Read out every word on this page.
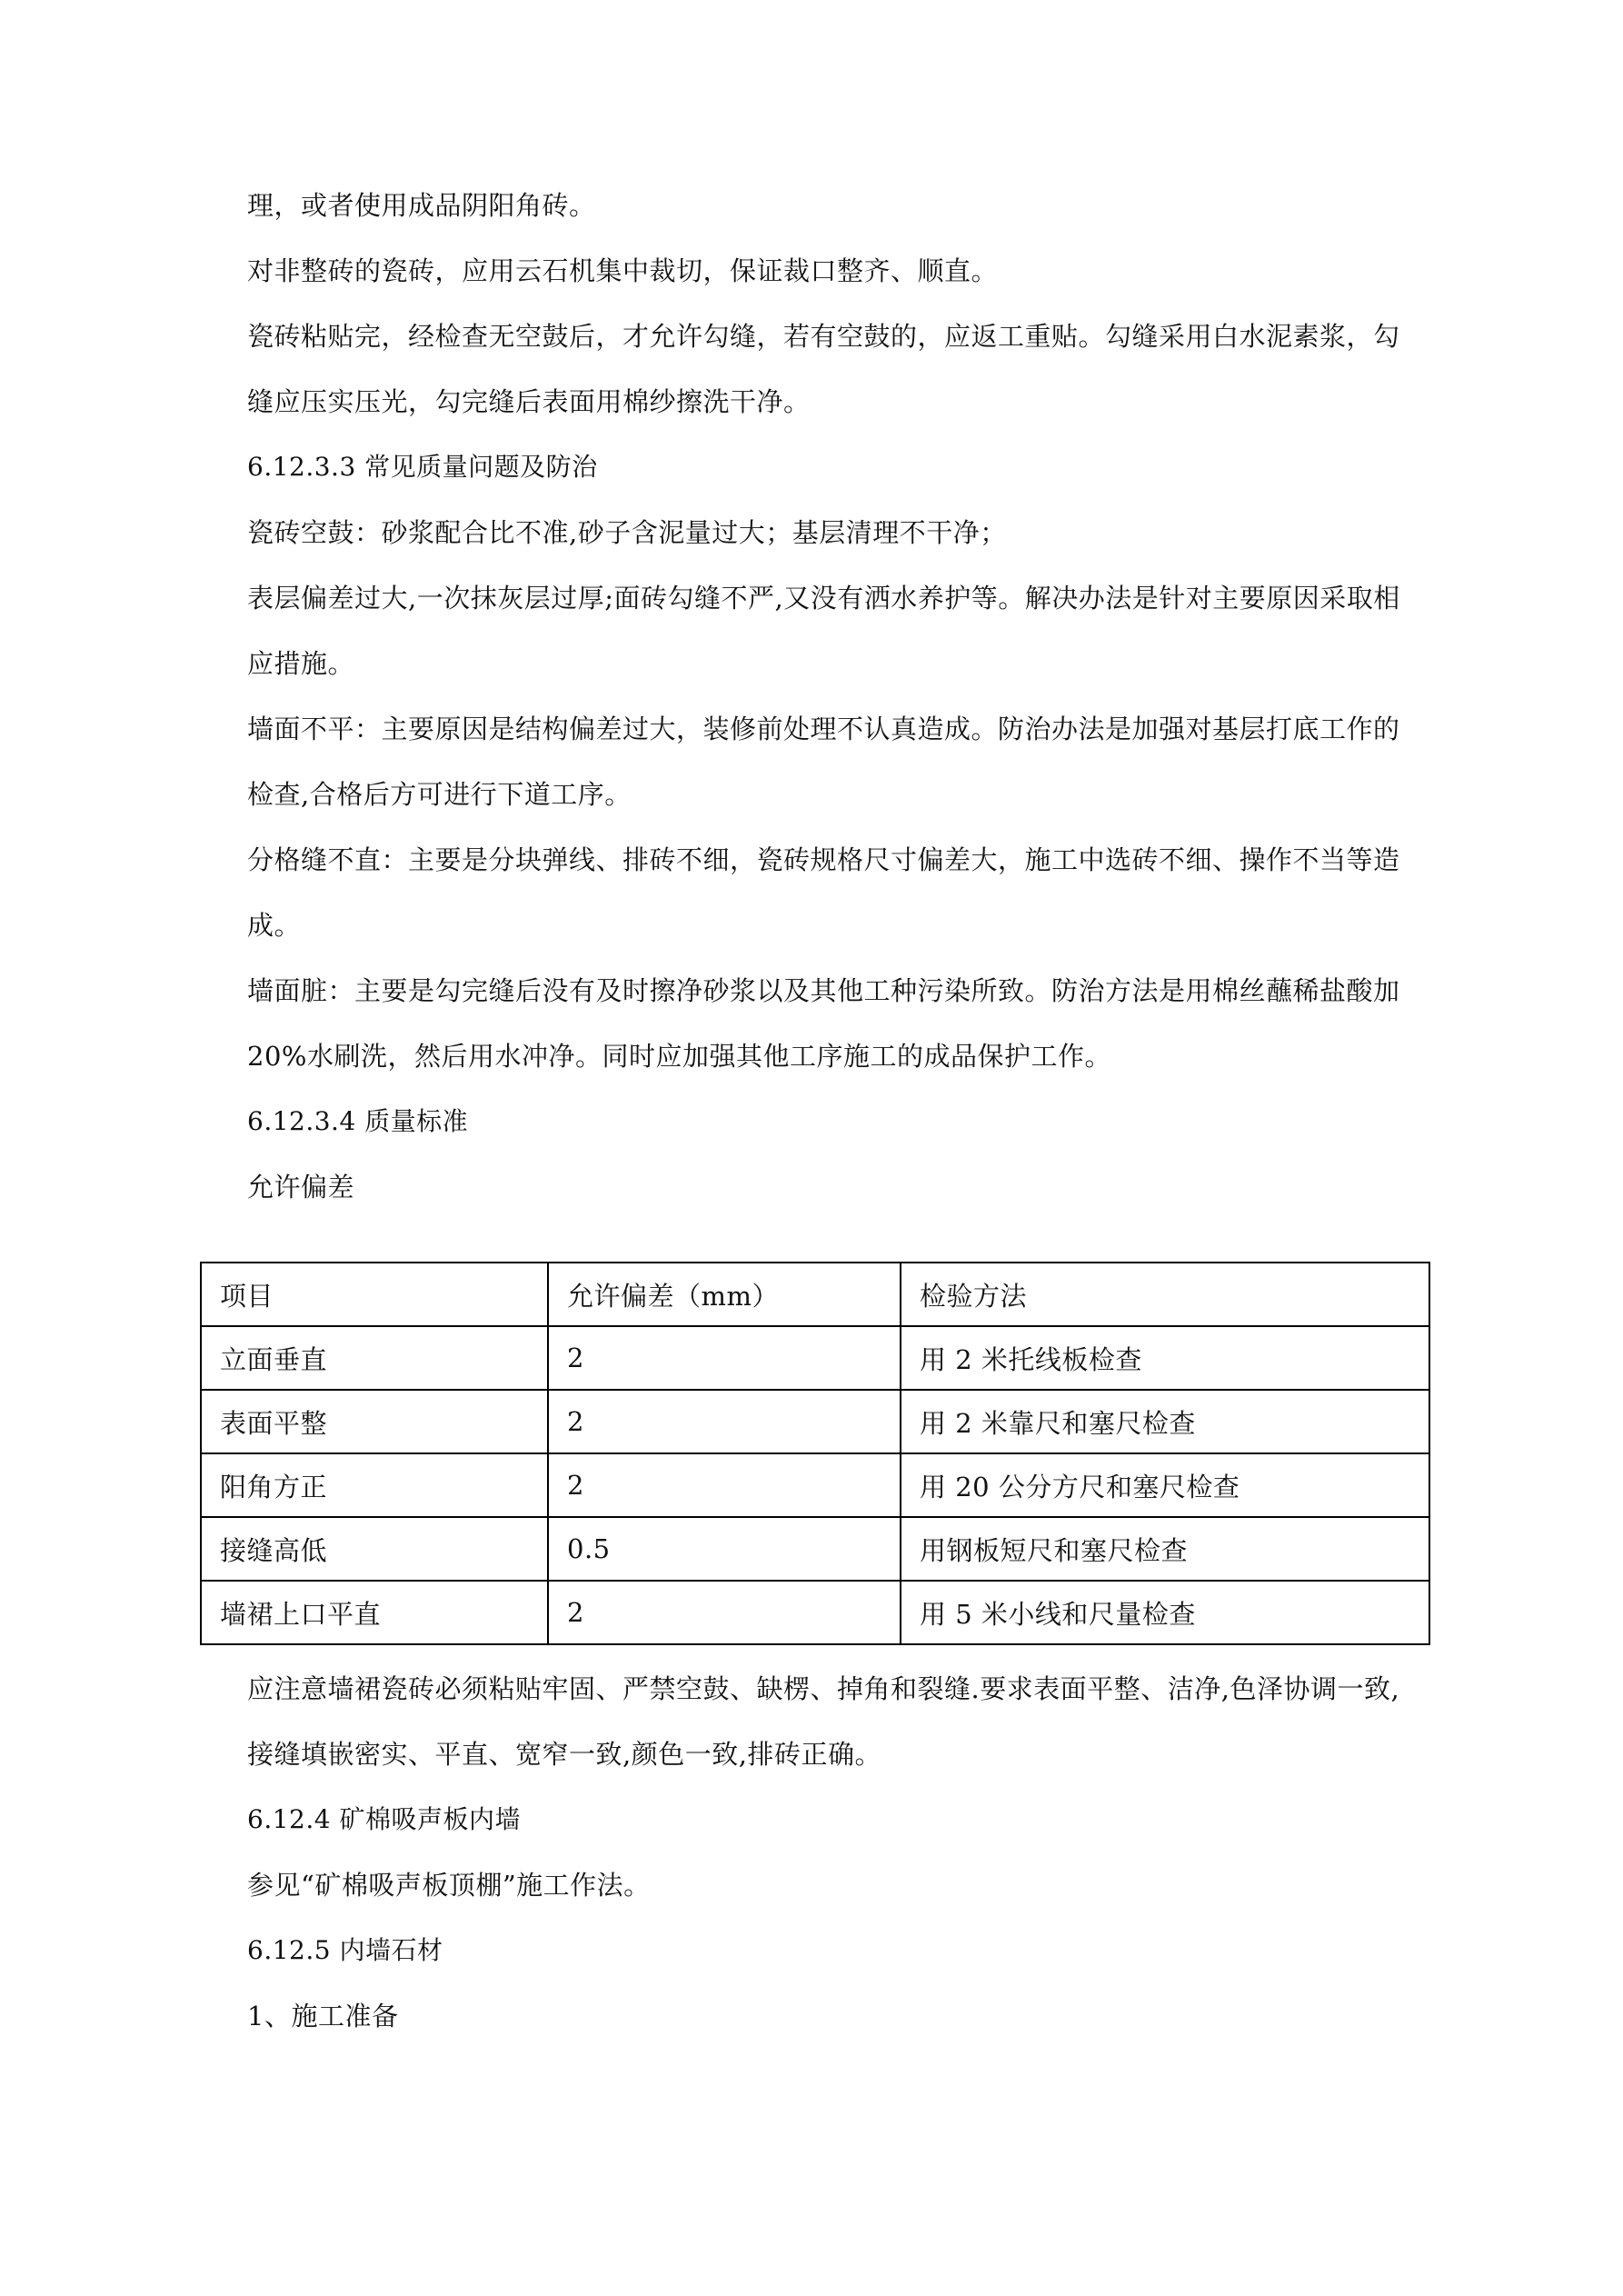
理，或者使用成品阴阳角砖。

对非整砖的瓷砖，应用云石机集中裁切，保证裁口整齐、顺直。

瓷砖粘贴完，经检查无空鼓后，才允许勾缝，若有空鼓的，应返工重贴。勾缝采用白水泥素浆，勾缝应压实压光，勾完缝后表面用棉纱擦洗干净。

6.12.3.3 常见质量问题及防治

瓷砖空鼓：砂浆配合比不准,砂子含泥量过大；基层清理不干净；

表层偏差过大,一次抹灰层过厚;面砖勾缝不严,又没有洒水养护等。解决办法是针对主要原因采取相应措施。

墙面不平：主要原因是结构偏差过大，装修前处理不认真造成。防治办法是加强对基层打底工作的检查,合格后方可进行下道工序。

分格缝不直：主要是分块弹线、排砖不细，瓷砖规格尺寸偏差大，施工中选砖不细、操作不当等造成。

墙面脏：主要是勾完缝后没有及时擦净砂浆以及其他工种污染所致。防治方法是用棉丝蘸稀盐酸加 20%水刷洗，然后用水冲净。同时应加强其他工序施工的成品保护工作。

6.12.3.4 质量标准

允许偏差

项目	允许偏差（mm）	检验方法
立面垂直	2	用 2 米托线板检查
表面平整	2	用 2 米靠尺和塞尺检查
阳角方正	2	用 20 公分方尺和塞尺检查
接缝高低	0.5	用钢板短尺和塞尺检查
墙裙上口平直	2	用 5 米小线和尺量检查

应注意墙裙瓷砖必须粘贴牢固、严禁空鼓、缺楞、掉角和裂缝.要求表面平整、洁净,色泽协调一致,接缝填嵌密实、平直、宽窄一致,颜色一致,排砖正确。

6.12.4 矿棉吸声板内墙

参见“矿棉吸声板顶棚”施工作法。

6.12.5 内墙石材

1、施工准备
